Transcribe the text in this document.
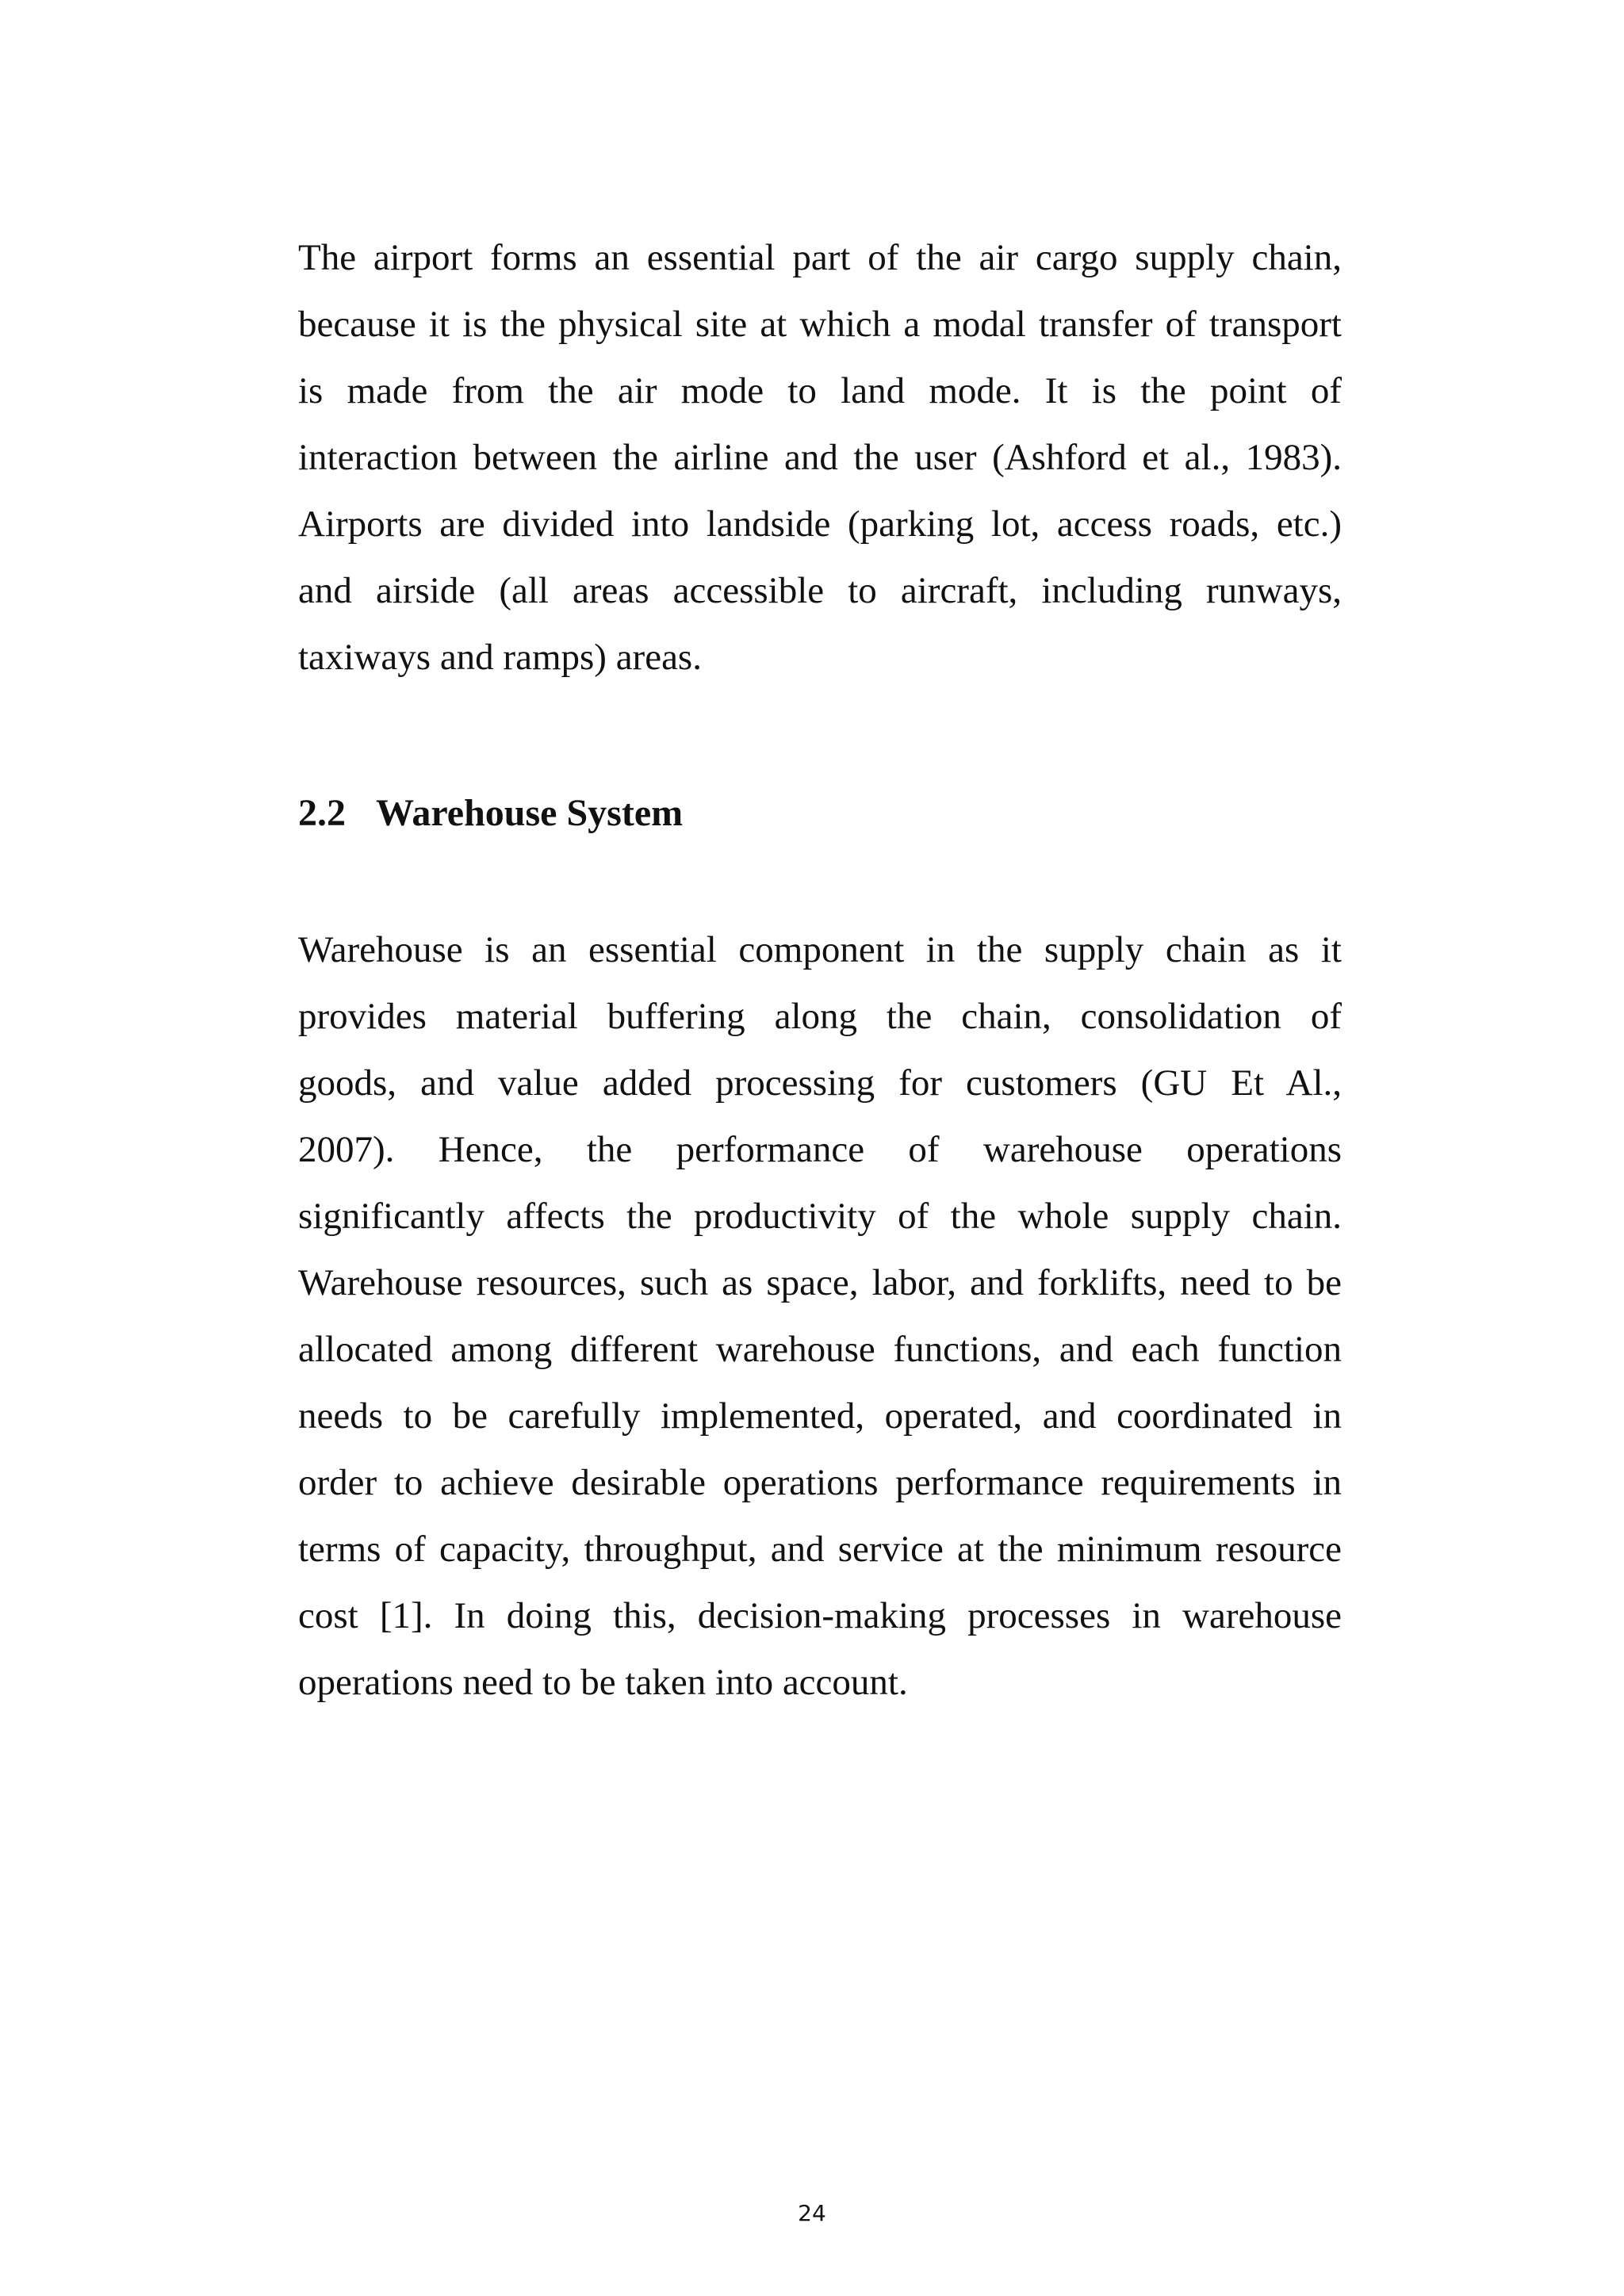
The airport forms an essential part of the air cargo supply chain,
because it is the physical site at which a modal transfer of transport
is made from the air mode to land mode. It is the point of
interaction between the airline and the user (Ashford et al., 1983).
Airports are divided into landside (parking lot, access roads, etc.)
and airside (all areas accessible to aircraft, including runways,
taxiways and ramps) areas.
2.2 Warehouse System
Warehouse is an essential component in the supply chain as it
provides material buffering along the chain, consolidation of
goods, and value added processing for customers (GU Et Al.,
2007). Hence, the performance of warehouse operations
significantly affects the productivity of the whole supply chain.
Warehouse resources, such as space, labor, and forklifts, need to be
allocated among different warehouse functions, and each function
needs to be carefully implemented, operated, and coordinated in
order to achieve desirable operations performance requirements in
terms of capacity, throughput, and service at the minimum resource
cost [1]. In doing this, decision-making processes in warehouse
operations need to be taken into account.
24
